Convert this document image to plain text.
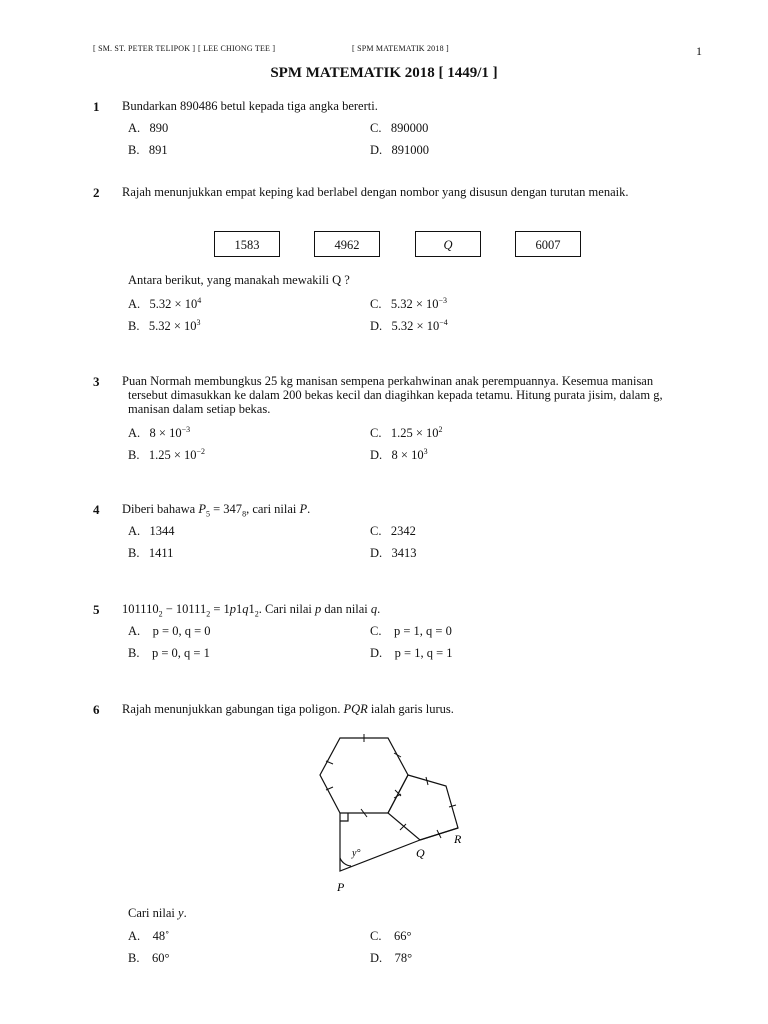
[ SM. ST. PETER TELIPOK ] [ LEE CHIONG TEE ]	[ SPM MATEMATIK 2018 ]	1
SPM MATEMATIK 2018 [ 1449/1 ]
1 Bundarkan 890486 betul kepada tiga angka bererti.
A.   890
B.   891
C.   890000
D.   891000
2 Rajah menunjukkan empat keping kad berlabel dengan nombor yang disusun dengan turutan menaik.
1583	4962	Q	6007
Antara berikut, yang manakah mewakili Q ?
A.   $5.32 \times 10^4$
B.   $5.32 \times 10^3$
C.   $5.32 \times 10^{-3}$
D.   $5.32 \times 10^{-4}$
3 Puan Normah membungkus 25 kg manisan sempena perkahwinan anak perempuannya. Kesemua manisan
tersebut dimasukkan ke dalam 200 bekas kecil dan diagihkan kepada tetamu. Hitung purata jisim, dalam g,
manisan dalam setiap bekas.
A.   $8 \times 10^{-3}$
B.   $1.25 \times 10^{-2}$
C.   $1.25 \times 10^2$
D.   $8 \times 10^3$
4 Diberi bahawa $P_5 = 347_8$, cari nilai P.
A.   1344
B.   1411
C.   2342
D.   3413
5 $101110_2 - 10111_2 = 1p1q1_2$. Cari nilai p dan nilai q.
A.    p = 0, q = 0
B.    p = 0, q = 1
C.    p = 1, q = 0
D.    p = 1, q = 1
6 Rajah menunjukkan gabungan tiga poligon. PQR ialah garis lurus.
R
Q
P
y°
Cari nilai y.
A.    48˚
B.    60°
C.    66°
D.    78°
